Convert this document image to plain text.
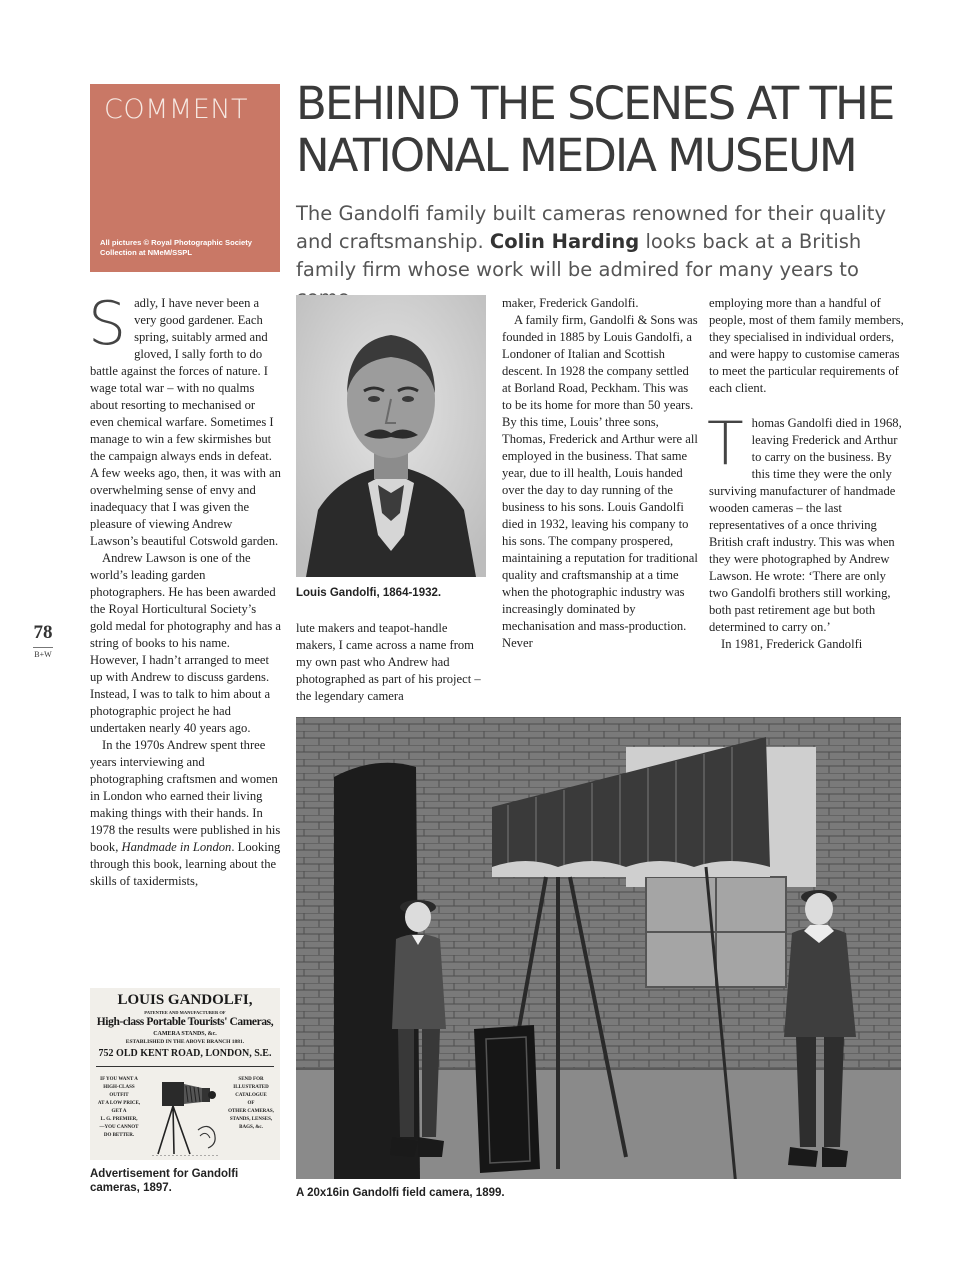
COMMENT
All pictures © Royal Photographic Society Collection at NMeM/SSPL
BEHIND THE SCENES AT THE NATIONAL MEDIA MUSEUM
The Gandolfi family built cameras renowned for their quality and craftsmanship. Colin Harding looks back at a British family firm whose work will be admired for many years to
78
B+W

Sadly, I have never been a very good gardener. Each spring, suitably armed and gloved, I sally forth to do battle against the forces of nature. I wage total war – with no qualms about resorting to mechanised or even chemical warfare. Sometimes I manage to win a few skirmishes but the campaign always ends in defeat. A few weeks ago, then, it was with an overwhelming sense of envy and inadequacy that I was given the pleasure of viewing Andrew Lawson’s beautiful Cotswold garden.

Andrew Lawson is one of the world’s leading garden photographers. He has been awarded the Royal Horticultural Society’s gold medal for photography and has a string of books to his name. However, I hadn’t arranged to meet up with Andrew to discuss gardens. Instead, I was to talk to him about a photographic project he had undertaken nearly 40 years ago.

In the 1970s Andrew spent three years interviewing and photographing craftsmen and women in London who earned their living making things with their hands. In 1978 the results were published in his book, Handmade in London. Looking through this book, learning about the skills of taxidermists,

Louis Gandolfi, 1864-1932.

lute makers and teapot-handle makers, I came across a name from my own past who Andrew had photographed as part of his project – the legendary camera

maker, Frederick Gandolfi.

A family firm, Gandolfi & Sons was founded in 1885 by Louis Gandolfi, a Londoner of Italian and Scottish descent. In 1928 the company settled at Borland Road, Peckham. This was to be its home for more than 50 years. By this time, Louis’ three sons, Thomas, Frederick and Arthur were all employed in the business. That same year, due to ill health, Louis handed over the day to day running of the business to his sons. Louis Gandolfi died in 1932, leaving his company to his sons. The company prospered, maintaining a reputation for traditional quality and craftsmanship at a time when the photographic industry was increasingly dominated by mechanisation and mass-production. Never

employing more than a handful of people, most of them family members, they specialised in individual orders, and were happy to customise cameras to meet the particular requirements of each client.

Thomas Gandolfi died in 1968, leaving Frederick and Arthur to carry on the business. By this time they were the only surviving manufacturer of handmade wooden cameras – the last representatives of a once thriving British craft industry. This was when they were photographed by Andrew Lawson. He wrote: ‘There are only two Gandolfi brothers still working, both past retirement age but both determined to carry on.’

In 1981, Frederick Gandolfi

LOUIS GANDOLFI,
PATENTEE AND MANUFACTURER OF
High-class Portable Tourists' Cameras,
CAMERA STANDS, &c.
ESTABLISHED IN THE ABOVE BRANCH 1881.
752 OLD KENT ROAD, LONDON, S.E.
IF YOU WANT A
HIGH-CLASS OUTFIT
AT A LOW PRICE,
GET A
L. G. PREMIER,
—YOU CANNOT
DO BETTER.
SEND FOR
ILLUSTRATED
CATALOGUE
OF
OTHER CAMERAS,
STANDS, LENSES,
BAGS, &c.
Advertisement for Gandolfi cameras, 1897.	A 20x16in Gandolfi field camera, 1899.
